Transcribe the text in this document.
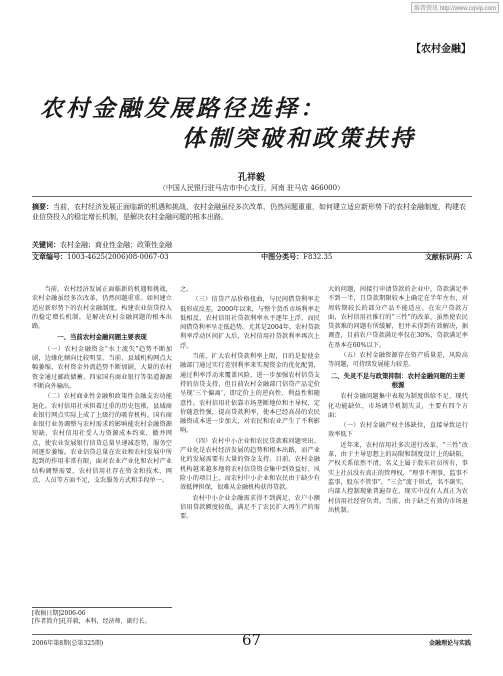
维普资讯 http://www.cqvip.com
【农村金融】
农村金融发展路径选择：
体制突破和政策扶持
孔祥毅
（中国人民银行驻马店市中心支行，河南 驻马店 466000）
摘要：当前，农村经济发展正面临新的机遇和挑战，农村金融虽经多次改革，仍然问题重重，如何建立适应新形势下的农村金融制度，构建农业信贷投入的稳定增长机制，是解决农村金融问题的根本出路。
关键词：农村金融；商业性金融；政策性金融
文章编号：1003-4625(2006)08-0067-03	中图分类号：F832.35	文献标识码：A

当前，农村经济发展正面临新的机遇和挑战，农村金融虽经多次改革，仍然问题重重。如何建立适应新形势下的农村金融制度，构建农业信贷投入的稳定增长机制，是解决农村金融问题的根本出路。

一、当前农村金融问题主要表现

（一）农村金融资金“水土流失”趋势不断加剧，边缘化倾向比较明显。当前，县域机构网点大幅萎缩，农村资金外流趋势不断加剧，大量的农村资金通过邮政储蓄、四家国有商业银行等渠道源源不断向外输出。

（二）农村商业性金融和政策性金融支农功能退化。农村信用社承担着过重的历史包袱，县域商业银行网点实际上成了上级行的吸存机构。国有商业银行业务调整与农村需求的影响能农村金融资源短缺，农村信用社受人力资源成本约束，撤并网点，使农业发展银行信贷总量呈递减态势，服务空间逐步萎缩。农业信贷总量在农业和农村发展中所起到的作用非常有限，面对农业产业化和农村产业结构调整需要，农村信用社存在资金和技术、网点、人员等方面不足，支农服务方式和手段单一。

之。

（三）信贷产品价格扭曲，与民间借贷利率走低形成反差。2000年以来，与整个货币市场利率走低相反，农村信用社贷款利率水平逐年上浮，而民间借贷利率呈走低趋势。尤其是2004年，农村贷款利率浮动区间扩大后，农村信用社贷款利率再次上浮。

当前，扩大农村贷款利率上限，目的是促使金融部门通过实行差别利率来实现资金的优化配置，通过利率浮动来覆盖风险，进一步加强农村信贷支持的信贷支持，但目前农村金融部门信贷产品定价呈现‘三个偏离’，即定价上的逆向性、利益性和随意性。农村信用社依靠市场垄断地位和主导权，定价随意性强，提高贷款利率，使本已经高昂的农民融资成本进一步加大，对农民和农业产生了不利影响。

（四）农村中小企业和农民贷款难问题突出。产业化是农村经济发展的趋势和根本出路，而产业化的发展需要有大量的资金支持。目前，农村金融机构越来越多地将农村信贷资金集中到效益好、风险小的项目上，而农村中小企业和农民由于缺少有效抵押担保，很难从金融机构获得贷款。

农村中小企业金融需求得不到满足，农户小额信用贷款额度较低，满足不了农民扩大再生产的需要。

大的问题，间接行申请贷款的企业中，贷款满足率不到一半，且贷款期限较本上确定在半年左右，对周转期较长的部分产品不能适应。在农户贷款方面，农村信用社推行的“三性”的改革，虽然使农民贷款难的问题有所缓解，但并未得到有效解决，据调查，目前农户贷款满足率仅在30%，贷款满足率在基本在60%以下。

（五）农村金融资源存在资产质量差，风险高等问题，可持续发展能力较差。

二、失灵不足与政策抑制：农村金融问题的主要根源

农村金融问题集中表现为制度供给不足、现代化功能缺位、市场调节机制失灵，主要有四个方面：

（一）农村金融产权主体缺位，直接导致运行效率低下

近年来，农村信用社多次进行改革，“三性”改革，由于主导思想上的局限和制度设计上的缺陷，产权关系依然不清，名义上属于股东社员所有，事实上社员没有真正的管理权，“理事不理事，监事不监事，股东不管事”，“三会”流于形式，名不副实，内部人控制现象普遍存在，现实中没有人真正为农村信用社经营负责。当前，由于缺乏有效的市场退出机制。

[收稿日期]2006-06
[作者简介]孔祥毅，本科，经济师，副行长。
2006年第8期(总第325期)	67	金融理论与实践
